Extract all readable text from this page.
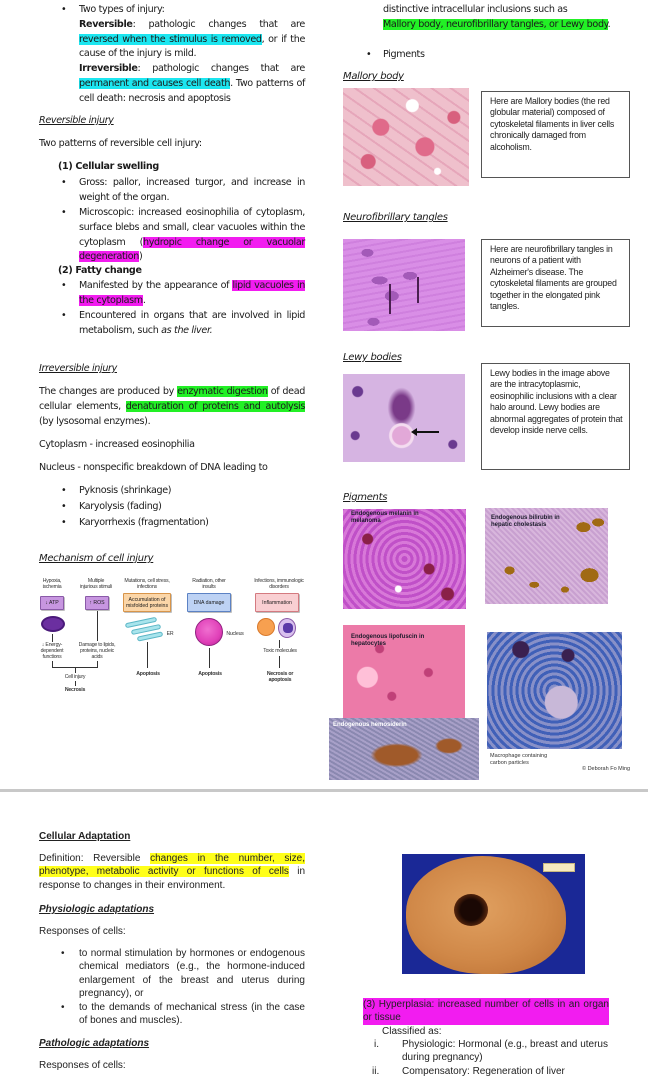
• Two types of injury:
Reversible: pathologic changes that are reversed when the stimulus is removed, or if the cause of the injury is mild.
Irreversible: pathologic changes that are permanent and causes cell death. Two patterns of cell death: necrosis and apoptosis
Reversible injury
Two patterns of reversible cell injury:
(1) Cellular swelling
• Gross: pallor, increased turgor, and increase in weight of the organ.
• Microscopic: increased eosinophilia of cytoplasm, surface blebs and small, clear vacuoles within the cytoplasm (hydropic change or vacuolar degeneration)
(2) Fatty change
• Manifested by the appearance of lipid vacuoles in the cytoplasm.
• Encountered in organs that are involved in lipid metabolism, such as the liver.
Irreversible injury
The changes are produced by enzymatic digestion of dead cellular elements, denaturation of proteins and autolysis (by lysosomal enzymes).
Cytoplasm - increased eosinophilia
Nucleus - nonspecific breakdown of DNA leading to
• Pyknosis (shrinkage)
• Karyolysis (fading)
• Karyorrhexis (fragmentation)
Mechanism of cell injury
Hypoxia, ischemia
↓ ATP
↓ Energy-dependent functions
Multiple injurious stimuli
↑ ROS
Damage to lipids, proteins, nucleic acids
Cell injury
Necrosis
Mutations, cell stress, infections
Accumulation of misfolded proteins
ER
Apoptosis
Radiation, other insults
DNA damage
Nucleus
Apoptosis
Infections, immunologic disorders
Inflammation
Toxic molecules
Necrosis or apoptosis
distinctive intracellular inclusions such as
Mallory body, neurofibrillary tangles, or Lewy body.
• Pigments
Mallory body
Here are Mallory bodies (the red globular material) composed of cytoskeletal filaments in liver cells chronically damaged from alcoholism.
Neurofibrillary tangles
Here are neurofibrillary tangles in neurons of a patient with Alzheimer's disease. The cytoskeletal filaments are grouped together in the elongated pink tangles.
Lewy bodies
Lewy bodies in the image above are the intracytoplasmic, eosinophilic inclusions with a clear halo around. Lewy bodies are abnormal aggregates of protein that develop inside nerve cells.
Pigments
Endogenous melanin in melanoma	Endogenous bilirubin in hepatic cholestasis
Endogenous lipofuscin in hepatocytes
Endogenous hemosiderin
Macrophage containing carbon particles
© Deborah Fo Ming
Cellular Adaptation
Definition: Reversible changes in the number, size, phenotype, metabolic activity or functions of cells in response to changes in their environment.
Physiologic adaptations
Responses of cells:
• to normal stimulation by hormones or endogenous chemical mediators (e.g., the hormone-induced enlargement of the breast and uterus during pregnancy), or
• to the demands of mechanical stress (in the case of bones and muscles).
Pathologic adaptations
Responses of cells:
(3) Hyperplasia: increased number of cells in an organ or tissue
Classified as:
i. Physiologic: Hormonal (e.g., breast and uterus during pregnancy)
ii. Compensatory: Regeneration of liver
